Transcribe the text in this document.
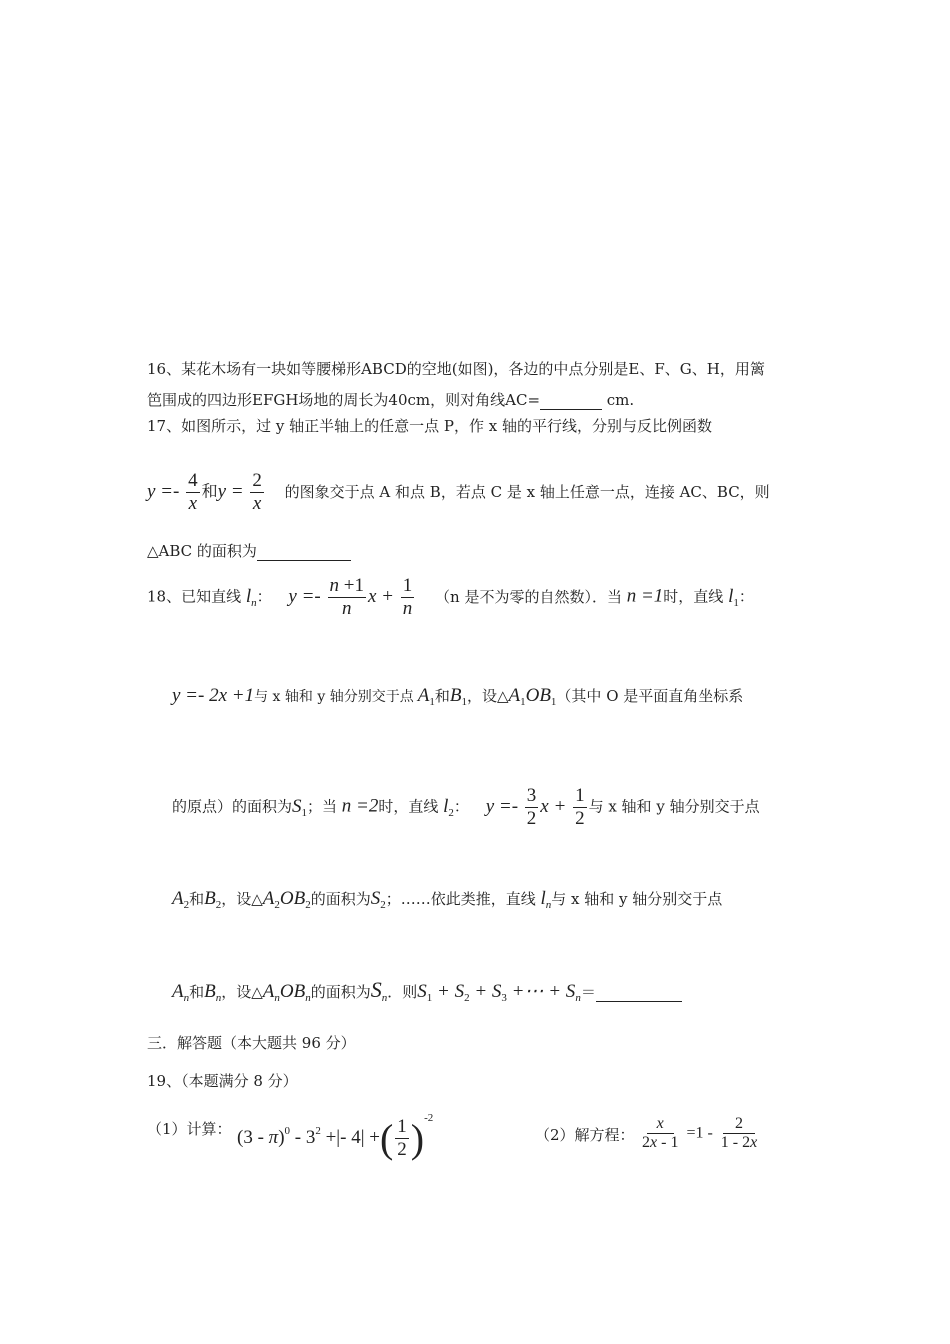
16、某花木场有一块如等腰梯形ABCD的空地(如图)，各边的中点分别是E、F、G、H，用篱
笆围成的四边形EFGH场地的周长为40cm，则对角线AC=	cm.
17、如图所示，过 y 轴正半轴上的任意一点 P，作 x 轴的平行线，分别与反比例函数
$y =- \frac{4}{x}$ 和$y = \frac{2}{x}$ 的图象交于点 A 和点 B，若点 C 是 x 轴上任意一点，连接 AC、BC，则
△ABC 的面积为
18、已知直线 $l_n$： $y =- \frac{n +1}{n}$ $x + \frac{1}{n} (n$ 是不为零的自然数）．当 n =1时，直线 $l_1$：
y =- 2x +1与 x 轴和 y 轴分别交于点 $A_1$和$B_1$，设$\triangle A_1OB_1$（其中 O 是平面直角坐标系
的原点）的面积为$S_1$；当 n =2时，直线 $l_2$： $y =- \frac{3}{2}$ $x + \frac{1}{2}$ 与 x 轴和 y 轴分别交于点
$A_2$和$B_2$，设$\triangle A_2OB_2$的面积为$S_2$；……依此类推，直线 $l_n$与 x 轴和 y 轴分别交于点
$A_n$和$B_n$，设$\triangle A_nOB_n$的面积为$S_n$．则$S_1 + S_2 + S_3$ +⋯ + $S_n=$
三．解答题（本大题共 96 分）
19、（本题满分 8 分）
（1）计算： $(3 - \pi)^0 - 3^2$ +|- 4| +( $\frac{1}{2} )^{-2}$
（2）解方程： $\frac{x}{2x - 1} =1 - \frac{2}{1 - 2x}$
